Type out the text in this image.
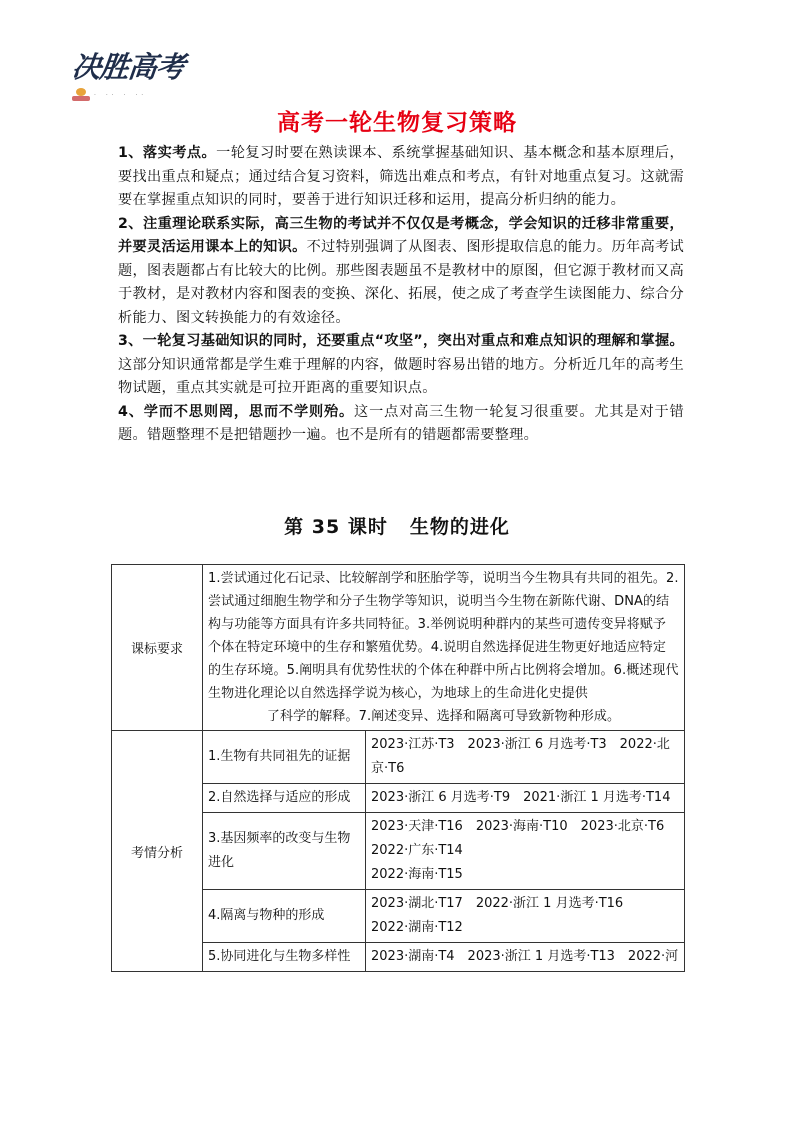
决胜高考
· ·· · ··
高考一轮生物复习策略

1、落实考点。一轮复习时要在熟读课本、系统掌握基础知识、基本概念和基本原理后，要找出重点和疑点；通过结合复习资料，筛选出难点和考点，有针对地重点复习。这就需要在掌握重点知识的同时，要善于进行知识迁移和运用，提高分析归纳的能力。

2、注重理论联系实际，高三生物的考试并不仅仅是考概念，学会知识的迁移非常重要，并要灵活运用课本上的知识。不过特别强调了从图表、图形提取信息的能力。历年高考试题，图表题都占有比较大的比例。那些图表题虽不是教材中的原图，但它源于教材而又高于教材，是对教材内容和图表的变换、深化、拓展，使之成了考查学生读图能力、综合分析能力、图文转换能力的有效途径。

3、一轮复习基础知识的同时，还要重点“攻坚”，突出对重点和难点知识的理解和掌握。这部分知识通常都是学生难于理解的内容，做题时容易出错的地方。分析近几年的高考生物试题，重点其实就是可拉开距离的重要知识点。

4、学而不思则罔，思而不学则殆。这一点对高三生物一轮复习很重要。尤其是对于错题。错题整理不是把错题抄一遍。也不是所有的错题都需要整理。

第 35 课时 生物的进化
课标要求	1.尝试通过化石记录、比较解剖学和胚胎学等，说明当今生物具有共同的祖先。2.尝试通过细胞生物学和分子生物学等知识，说明当今生物在新陈代谢、DNA的结构与功能等方面具有许多共同特征。3.举例说明种群内的某些可遗传变异将赋予个体在特定环境中的生存和繁殖优势。4.说明自然选择促进生物更好地适应特定的生存环境。5.阐明具有优势性状的个体在种群中所占比例将会增加。6.概述现代生物进化理论以自然选择学说为核心，为地球上的生命进化史提供
了科学的解释。7.阐述变异、选择和隔离可导致新物种形成。	

考情分析	1.生物有共同祖先的证据	2023·江苏·T3　2023·浙江 6 月选考·T3　2022·北京·T6
	2.自然选择与适应的形成	2023·浙江 6 月选考·T9　2021·浙江 1 月选考·T14
	3.基因频率的改变与生物进化	2023·天津·T16　2023·海南·T10　2023·北京·T6
2022·广东·T14
2022·海南·T15

	4.隔离与物种的形成	2023·湖北·T17　2022·浙江 1 月选考·T16
2022·湖南·T12

	5.协同进化与生物多样性	2023·湖南·T4　2023·浙江 1 月选考·T13　2022·河
